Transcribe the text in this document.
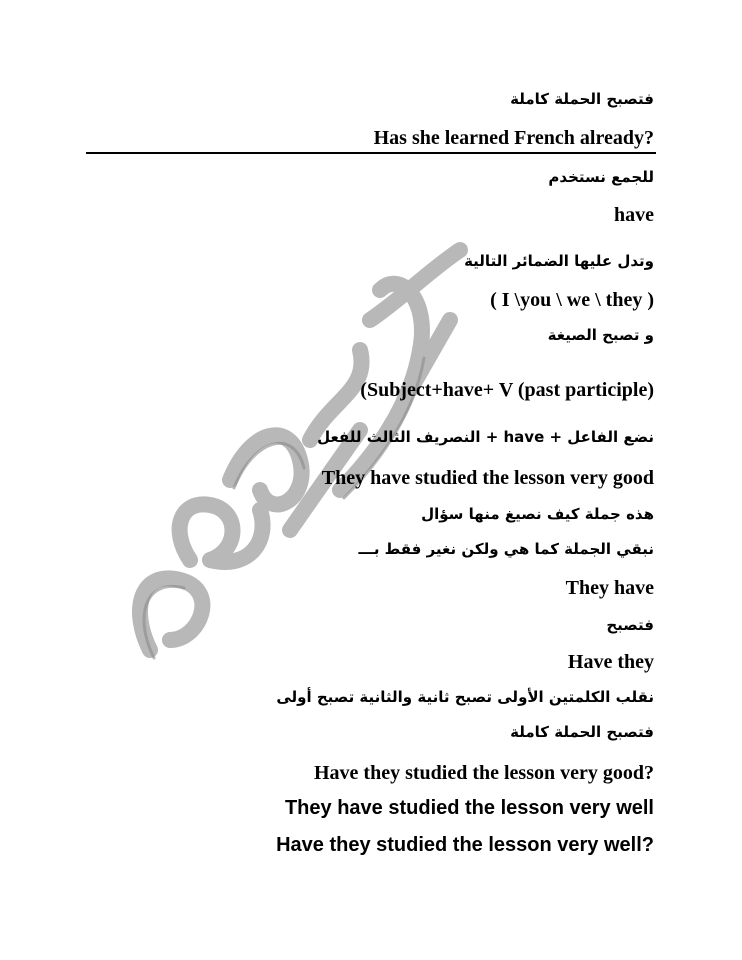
فتصبح الحملة كاملة
Has she learned French already?
للجمع نستخدم
have
وتدل عليها الضمائر التالية
( I \you \ we \ they )
و تصبح الصيغة
(Subject+have+ V (past participle)
نضع الفاعل + have + النصريف الثالث للفعل
They have studied the lesson very good
هذه جملة كيف نصيغ منها سؤال
نبقي الجملة كما هي ولكن نغير فقط بـــ
They have
فتصبح
Have they
نقلب الكلمتين الأولى تصبح ثانية والثانية تصبح أولى
فتصبح الحملة كاملة
Have they studied the lesson very good?
They have studied the lesson very well
Have they studied the lesson very well?
